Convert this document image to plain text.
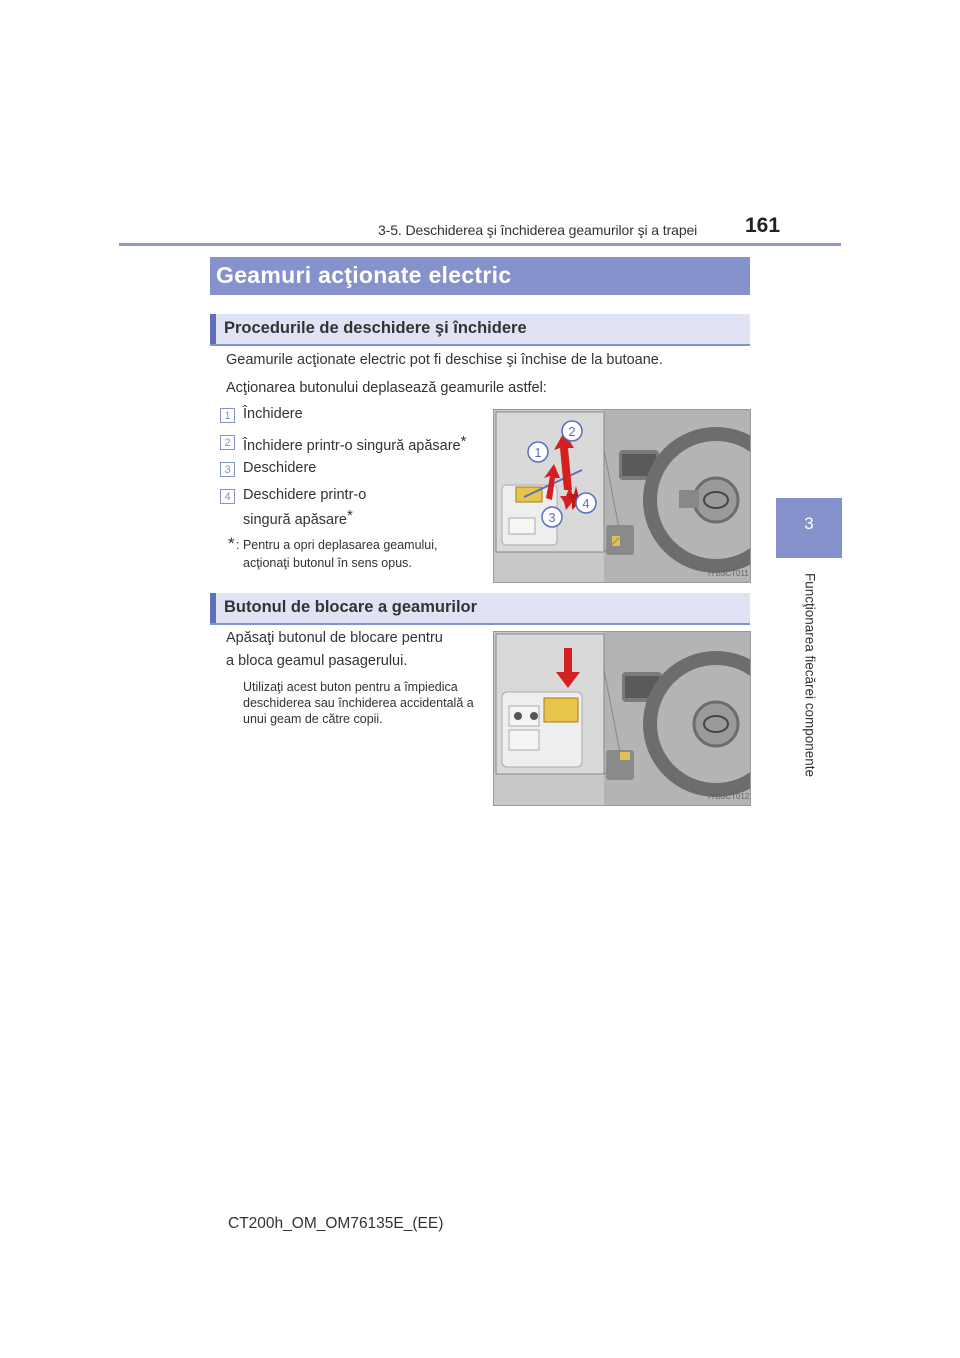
3-5. Deschiderea şi închiderea geamurilor şi a trapei 161
3
Funcţionarea fiecărei componente
Geamuri acţionate electric
Procedurile de deschidere şi închidere
Geamurile acţionate electric pot fi deschise şi închise de la butoane.
Acţionarea butonului deplasează geamurile astfel:
1 Închidere
2 Închidere printr-o singură apăsare*
3 Deschidere
4 Deschidere printr-o
singură apăsare*
* : Pentru a opri deplasarea geamului,
acţionaţi butonul în sens opus.
2
1
4
3
IYB3CT011
Butonul de blocare a geamurilor
Apăsaţi butonul de blocare pentru
a bloca geamul pasagerului.
Utilizaţi acest buton pentru a împiedica
deschiderea sau închiderea accidentală a
unui geam de către copii.
IYB3CT012
CT200h_OM_OM76135E_(EE)
